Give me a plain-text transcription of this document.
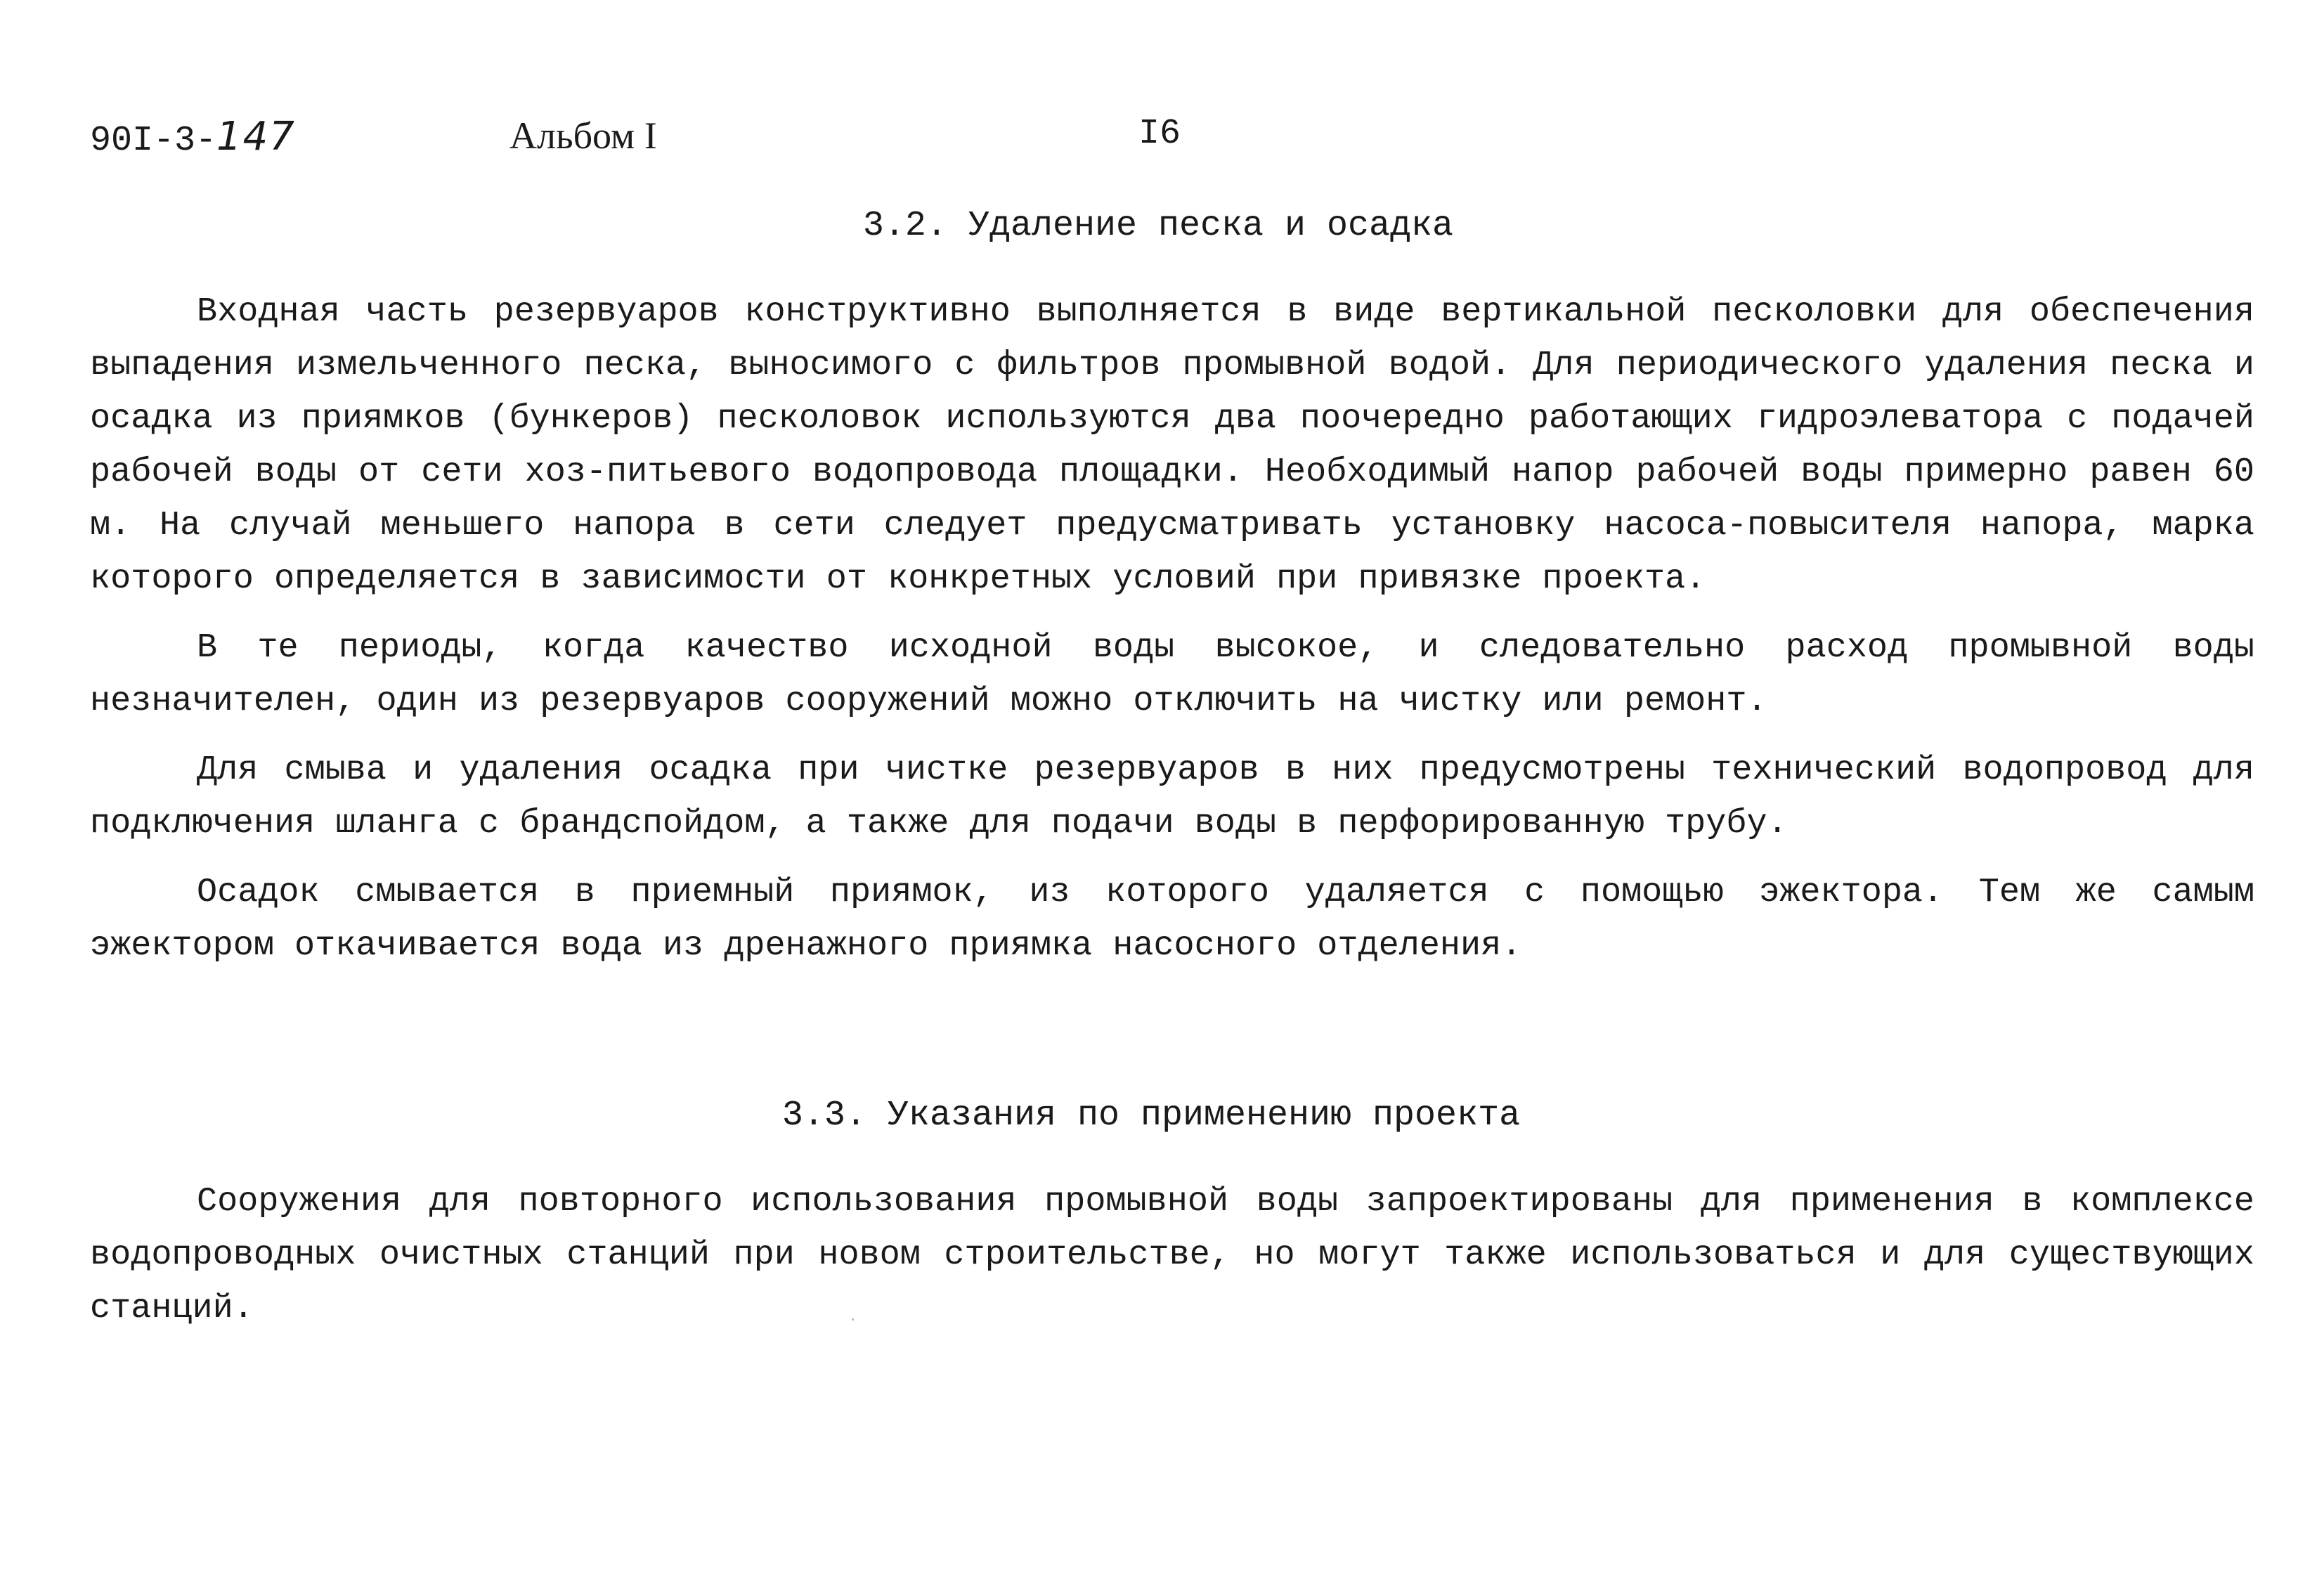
90I-3-147	Альбом I	I6
3.2. Удаление песка и осадка

Входная часть резервуаров конструктивно выполняется в виде вертикальной песколовки для обеспечения выпадения измельченного песка, выносимого с фильтров промывной водой. Для периодического удаления песка и осадка из приямков (бункеров) песколовок используются два поочередно работающих гидроэлеватора с подачей рабочей воды от сети хоз-питьевого водопровода площадки. Необходимый напор рабочей воды примерно равен 60 м. На случай меньшего напора в сети следует предусматривать установку насоса-повысителя напора, марка которого определяется в зависимости от конкретных условий при привязке проекта.

В те периоды, когда качество исходной воды высокое, и следовательно расход промывной воды незначителен, один из резервуаров сооружений можно отключить на чистку или ремонт.

Для смыва и удаления осадка при чистке резервуаров в них предусмотрены технический водопровод для подключения шланга с брандспойдом, а также для подачи воды в перфорированную трубу.

Осадок смывается в приемный приямок, из которого удаляется с помощью эжектора. Тем же самым эжектором откачивается вода из дренажного приямка насосного отделения.

3.3. Указания по применению проекта

Сооружения для повторного использования промывной воды запроектированы для применения в комплексе водопроводных очистных станций при новом строительстве, но могут также использоваться и для существующих станций.
